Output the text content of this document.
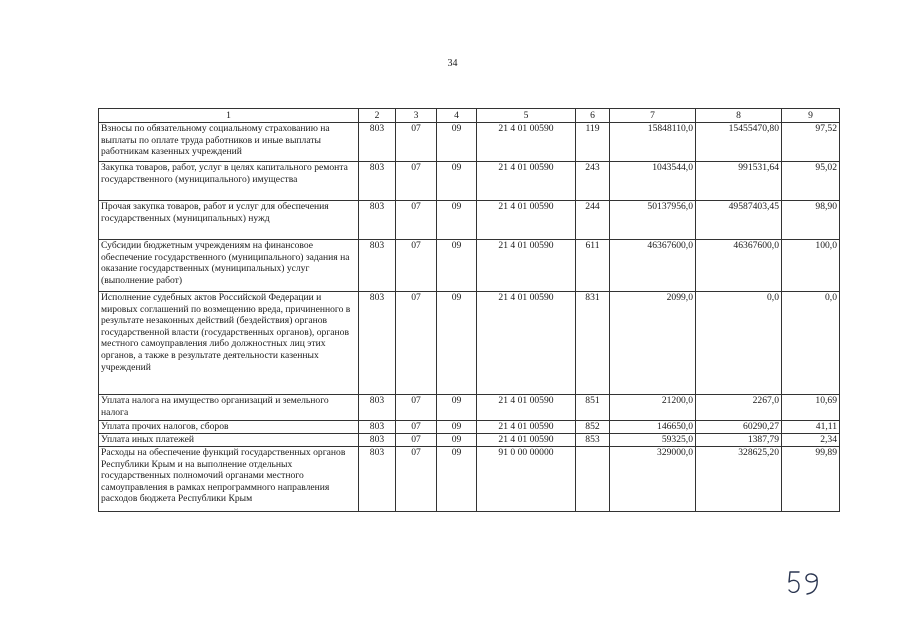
34
1	2	3	4	5	6	7	8	9
Взносы по обязательному социальному страхованию на выплаты по оплате труда работников и иные выплаты работникам казенных учреждений	803	07	09	21 4 01 00590	119	15848110,0	15455470,80	97,52
Закупка товаров, работ, услуг в целях капитального ремонта государственного (муниципального) имущества	803	07	09	21 4 01 00590	243	1043544,0	991531,64	95,02
Прочая закупка товаров, работ и услуг для обеспечения государственных (муниципальных) нужд	803	07	09	21 4 01 00590	244	50137956,0	49587403,45	98,90
Субсидии бюджетным учреждениям на финансовое обеспечение государственного (муниципального) задания на оказание государственных (муниципальных) услуг (выполнение работ)	803	07	09	21 4 01 00590	611	46367600,0	46367600,0	100,0
Исполнение судебных актов Российской Федерации и мировых соглашений по возмещению вреда, причиненного в результате незаконных действий (бездействия) органов государственной власти (государственных органов), органов местного самоуправления либо должностных лиц этих органов, а также в результате деятельности казенных учреждений	803	07	09	21 4 01 00590	831	2099,0	0,0	0,0
Уплата налога на имущество организаций и земельного налога	803	07	09	21 4 01 00590	851	21200,0	2267,0	10,69
Уплата прочих налогов, сборов	803	07	09	21 4 01 00590	852	146650,0	60290,27	41,11
Уплата иных платежей	803	07	09	21 4 01 00590	853	59325,0	1387,79	2,34
Расходы на обеспечение функций государственных органов Республики Крым и на выполнение отдельных государственных полномочий органами местного самоуправления в рамках непрограммного направления расходов бюджета Республики Крым	803	07	09	91 0 00 00000		329000,0	328625,20	99,89
